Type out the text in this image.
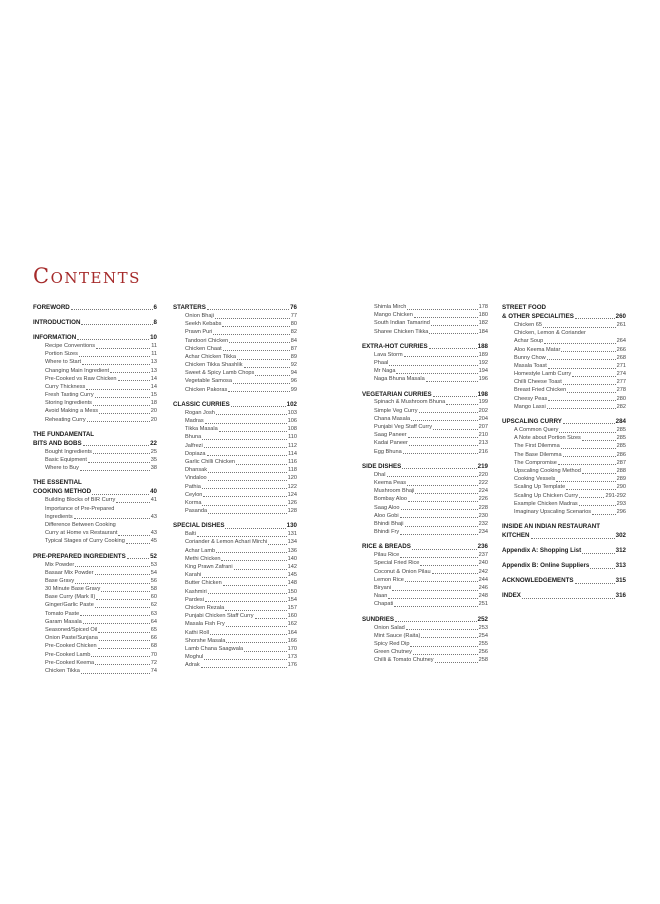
Contents
FOREWORD	6
INTRODUCTION	8
INFORMATION	10
Recipe Conventions	11
Portion Sizes	11
Where to Start	13
Changing Main Ingredient	13
Pre-Cooked vs Raw Chicken	14
Curry Thickness	14
Fresh Tasting Curry	15
Storing Ingredients	18
Avoid Making a Mess	20
Reheating Curry	20
THE FUNDAMENTAL
BITS AND BOBS	22
Bought Ingredients	25
Basic Equipment	35
Where to Buy	38
THE ESSENTIAL
COOKING METHOD	40
Building Blocks of BIR Curry	41
Importance of Pre-Prepared
Ingredients	43
Difference Between Cooking
Curry at Home vs Restaurant	43
Typical Stages of Curry Cooking	45
PRE-PREPARED INGREDIENTS	52
Mix Powder	53
Basaar Mix Powder	54
Base Gravy	56
30 Minute Base Gravy	58
Base Curry (Mark II)	60
Ginger/Garlic Paste	62
Tomato Paste	63
Garam Masala	64
Seasoned/Spiced Oil	65
Onion Paste/Sunjana	66
Pre-Cooked Chicken	68
Pre-Cooked Lamb	70
Pre-Cooked Keema	72
Chicken Tikka	74
STARTERS	76
Onion Bhaji	77
Seekh Kebabs	80
Prawn Puri	82
Tandoori Chicken	84
Chicken Chaat	87
Achar Chicken Tikka	89
Chicken Tikka Shashlik	92
Sweet & Spicy Lamb Chops	94
Vegetable Samosa	96
Chicken Pakoras	99
CLASSIC CURRIES	102
Rogan Josh	103
Madras	106
Tikka Masala	108
Bhuna	110
Jalfrezi	112
Dopiaza	114
Garlic Chilli Chicken	116
Dhansak	118
Vindaloo	120
Pathia	122
Ceylon	124
Korma	126
Pasanda	128
SPECIAL DISHES	130
Balti	131
Coriander & Lemon Achari Mirchi	134
Achar Lamb	136
Methi Chicken	140
King Prawn Zafrani	142
Karahi	145
Butter Chicken	148
Kashmiri	150
Pardesi	154
Chicken Rezala	157
Punjabi Chicken Staff Curry	160
Masala Fish Fry	162
Kathi Roll	164
Shorshe Masala	166
Lamb Chana Saagwala	170
Moghul	173
Adrak	176
Shimla Mirch	178
Mango Chicken	180
South Indian Tamarind	182
Sharee Chicken Tikka	184
EXTRA-HOT CURRIES	188
Lava Storm	189
Phaal	192
Mr Naga	194
Naga Bhuna Masala	196
VEGETARIAN CURRIES	198
Spinach & Mushroom Bhuna	199
Simple Veg Curry	202
Chana Masala	204
Punjabi Veg Staff Curry	207
Saag Paneer	210
Kadai Paneer	213
Egg Bhuna	216
SIDE DISHES	219
Dhal	220
Keema Peas	222
Mushroom Bhaji	224
Bombay Aloo	226
Saag Aloo	228
Aloo Gobi	230
Bhindi Bhaji	232
Bhindi Fry	234
RICE & BREADS	236
Pilau Rice	237
Special Fried Rice	240
Coconut & Onion Pilau	242
Lemon Rice	244
Biryani	246
Naan	248
Chapati	251
SUNDRIES	252
Onion Salad	253
Mint Sauce (Raita)	254
Spicy Red Dip	255
Green Chutney	256
Chilli & Tomato Chutney	258
STREET FOOD
& OTHER SPECIALITIES	260
Chicken 65	261
Chicken, Lemon & Coriander
Achar Soup	264
Aloo Keema Matar	266
Bunny Chow	268
Masala Toast	271
Homestyle Lamb Curry	274
Chilli Cheese Toast	277
Breast Fried Chicken	278
Cheesy Peas	280
Mango Lassi	282
UPSCALING CURRY	284
A Common Query	285
A Note about Portion Sizes	285
The First Dilemma	285
The Base Dilemma	286
The Compromise	287
Upscaling Cooking Method	288
Cooking Vessels	289
Scaling Up Template	290
Scaling Up Chicken Curry	291-292
Example Chicken Madras	293
Imaginary Upscaling Scenarios	296
INSIDE AN INDIAN RESTAURANT
KITCHEN	302
Appendix A: Shopping List	312
Appendix B: Online Suppliers	313
ACKNOWLEDGEMENTS	315
INDEX	316
